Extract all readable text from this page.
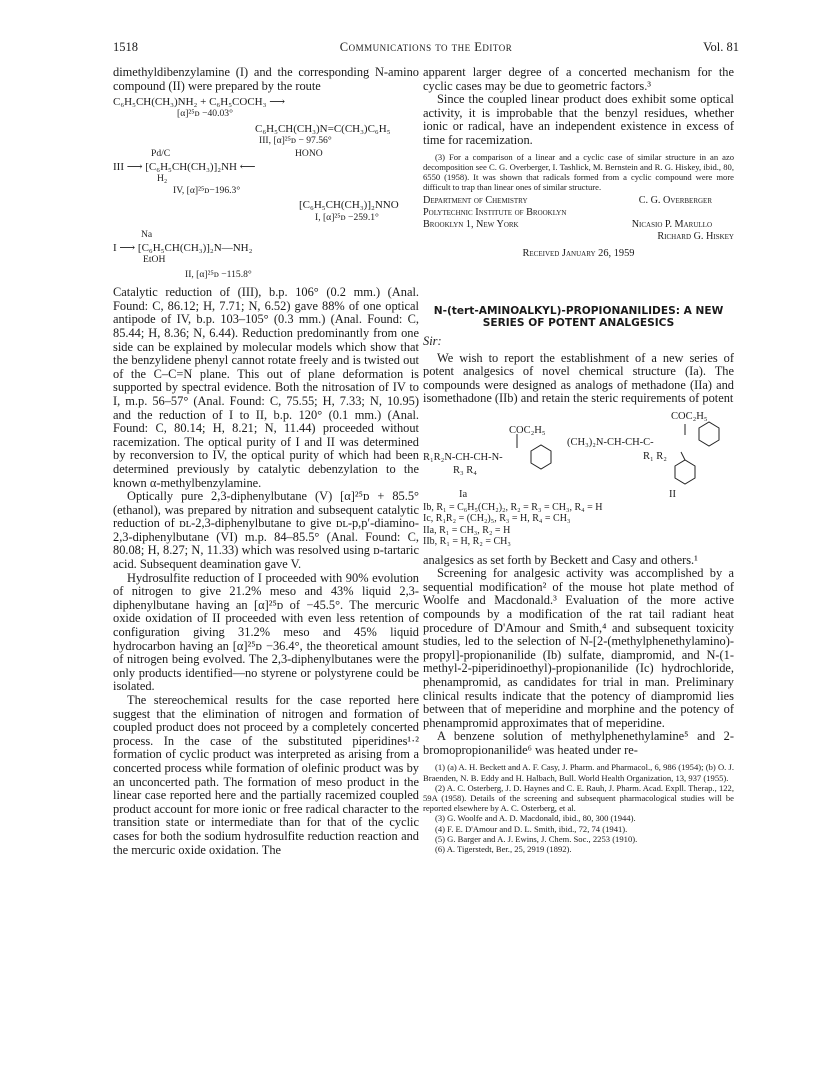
1518	Communications to the Editor	Vol. 81

dimethyldibenzylamine (I) and the corresponding N-amino compound (II) were prepared by the route

C₆H₅CH(CH₃)NH₂ + C₆H₅COCH₃ ⟶
[α]²⁵ᴅ −40.03°
C₆H₅CH(CH₃)N=C(CH₃)C₆H₅
III, [α]²⁵ᴅ − 97.56°
Pd/C	HONO
III ⟶ [C₆H₅CH(CH₃)]₂NH ⟵
H₂
IV, [α]²⁵ᴅ−196.3°
[C₆H₅CH(CH₃)]₂NNO
I, [α]²⁵ᴅ −259.1°
Na
I ⟶ [C₆H₅CH(CH₃)]₂N—NH₂
EtOH
II, [α]²⁵ᴅ −115.8°

Catalytic reduction of (III), b.p. 106° (0.2 mm.) (Anal. Found: C, 86.12; H, 7.71; N, 6.52) gave 88% of one optical antipode of IV, b.p. 103–105° (0.3 mm.) (Anal. Found: C, 85.44; H, 8.36; N, 6.44). Reduction predominantly from one side can be explained by molecular models which show that the benzylidene phenyl cannot rotate freely and is twisted out of the C–C=N plane. This out of plane deformation is supported by spectral evidence. Both the nitrosation of IV to I, m.p. 56–57° (Anal. Found: C, 75.55; H, 7.33; N, 10.95) and the reduction of I to II, b.p. 120° (0.1 mm.) (Anal. Found: C, 80.14; H, 8.21; N, 11.44) proceeded without racemization. The optical purity of I and II was determined by reconversion to IV, the optical purity of which had been determined previously by catalytic debenzylation to the known α-methylbenzylamine.

Optically pure 2,3-diphenylbutane (V) [α]²⁵ᴅ + 85.5° (ethanol), was prepared by nitration and subsequent catalytic reduction of ᴅʟ-2,3-diphenylbutane to give ᴅʟ-p,p′-diamino-2,3-diphenylbutane (VI) m.p. 84–85.5° (Anal. Found: C, 80.08; H, 8.27; N, 11.33) which was resolved using ᴅ-tartaric acid. Subsequent deamination gave V.

Hydrosulfite reduction of I proceeded with 90% evolution of nitrogen to give 21.2% meso and 43% liquid 2,3-diphenylbutane having an [α]²⁵ᴅ of −45.5°. The mercuric oxide oxidation of II proceeded with even less retention of configuration giving 31.2% meso and 45% liquid hydrocarbon having an [α]²⁵ᴅ −36.4°, the theoretical amount of nitrogen being evolved. The 2,3-diphenylbutanes were the only products identified—no styrene or polystyrene could be isolated.

The stereochemical results for the case reported here suggest that the elimination of nitrogen and formation of coupled product does not proceed by a completely concerted process. In the case of the substituted piperidines¹·² formation of cyclic product was interpreted as arising from a concerted process while formation of olefinic product was by an unconcerted path. The formation of meso product in the linear case reported here and the partially racemized coupled product account for more ionic or free radical character to the transition state or intermediate than for that of the cyclic cases for both the sodium hydrosulfite reduction reaction and the mercuric oxide oxidation. The

apparent larger degree of a concerted mechanism for the cyclic cases may be due to geometric factors.³

Since the coupled linear product does exhibit some optical activity, it is improbable that the benzyl residues, whether ionic or radical, have an independent existence in excess of time for racemization.

(3) For a comparison of a linear and a cyclic case of similar structure in an azo decomposition see C. G. Overberger, I. Tashlick, M. Bernstein and R. G. Hiskey, ibid., 80, 6550 (1958). It was shown that radicals formed from a cyclic compound were more difficult to trap than linear ones of similar structure.

Department of Chemistry	C. G. Overberger
Polytechnic Institute of Brooklyn
Brooklyn 1, New York	Nicasio P. Marullo
Richard G. Hiskey
Received January 26, 1959
N-(tert-AMINOALKYL)-PROPIONANILIDES: A NEW
SERIES OF POTENT ANALGESICS

Sir:

We wish to report the establishment of a new series of potent analgesics of novel chemical structure (Ia). The compounds were designed as analogs of methadone (IIa) and isomethadone (IIb) and retain the steric requirements of potent

COC₂H₅
R₁R₂N-CH-CH-N-
R₃ R₄
Ia
COC₂H₅
(CH₃)₂N-CH-CH-C-
R₁ R₂
II
Ib, R₁ = C₆H₅(CH₂)₂, R₂ = R₃ = CH₃, R₄ = H
Ic, R₁R₂ = (CH₂)₅, R₃ = H, R₄ = CH₃
IIa, R₁ = CH₃, R₂ = H
IIb, R₁ = H, R₂ = CH₃

analgesics as set forth by Beckett and Casy and others.¹

Screening for analgesic activity was accomplished by a sequential modification² of the mouse hot plate method of Woolfe and Macdonald.³ Evaluation of the more active compounds by a modification of the rat tail radiant heat procedure of D'Amour and Smith,⁴ and subsequent toxicity studies, led to the selection of N-[2-(methylphenethylamino)-propyl]-propionanilide (Ib) sulfate, diampromid, and N-(1-methyl-2-piperidinoethyl)-propionanilide (Ic) hydrochloride, phenampromid, as candidates for trial in man. Preliminary clinical results indicate that the potency of diampromid lies between that of meperidine and morphine and the potency of phenampromid approximates that of meperidine.

A benzene solution of methylphenethylamine⁵ and 2-bromopropionanilide⁶ was heated under re-

(1) (a) A. H. Beckett and A. F. Casy, J. Pharm. and Pharmacol., 6, 986 (1954); (b) O. J. Braenden, N. B. Eddy and H. Halbach, Bull. World Health Organization, 13, 937 (1955).

(2) A. C. Osterberg, J. D. Haynes and C. E. Rauh, J. Pharm. Acad. Expll. Therap., 122, 59A (1958). Details of the screening and subsequent pharmacological studies will be reported elsewhere by A. C. Osterberg, et al.

(3) G. Woolfe and A. D. Macdonald, ibid., 80, 300 (1944).

(4) F. E. D'Amour and D. L. Smith, ibid., 72, 74 (1941).

(5) G. Barger and A. J. Ewins, J. Chem. Soc., 2253 (1910).

(6) A. Tigerstedt, Ber., 25, 2919 (1892).
